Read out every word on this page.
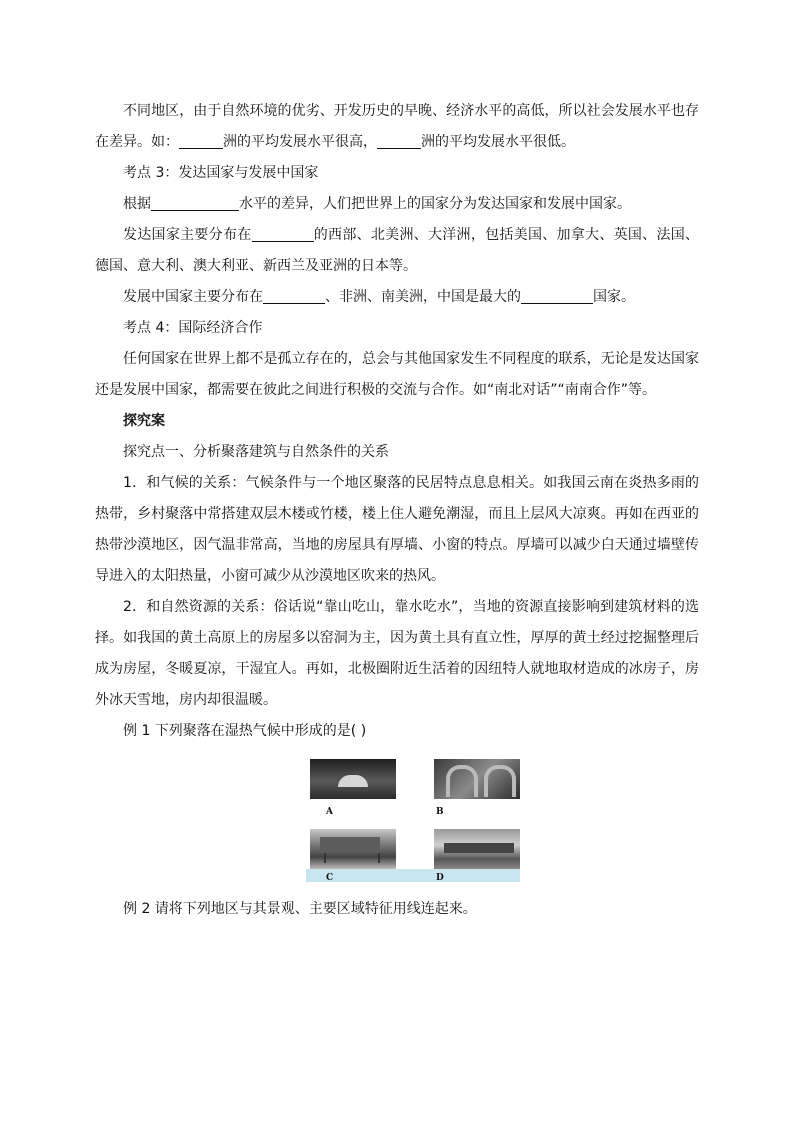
不同地区，由于自然环境的优劣、开发历史的早晚、经济水平的高低，所以社会发展水平也存在差异。如：	洲的平均发展水平很高，	洲的平均发展水平很低。

考点 3：发达国家与发展中国家

根据	水平的差异，人们把世界上的国家分为发达国家和发展中国家。

发达国家主要分布在	的西部、北美洲、大洋洲，包括美国、加拿大、英国、法国、德国、意大利、澳大利亚、新西兰及亚洲的日本等。

发展中国家主要分布在	、非洲、南美洲，中国是最大的	国家。

考点 4：国际经济合作

任何国家在世界上都不是孤立存在的，总会与其他国家发生不同程度的联系，无论是发达国家还是发展中国家，都需要在彼此之间进行积极的交流与合作。如“南北对话”“南南合作”等。

探究案

探究点一、分析聚落建筑与自然条件的关系

1．和气候的关系：气候条件与一个地区聚落的民居特点息息相关。如我国云南在炎热多雨的热带，乡村聚落中常搭建双层木楼或竹楼，楼上住人避免潮湿，而且上层风大凉爽。再如在西亚的热带沙漠地区，因气温非常高，当地的房屋具有厚墙、小窗的特点。厚墙可以减少白天通过墙壁传导进入的太阳热量，小窗可减少从沙漠地区吹来的热风。

2．和自然资源的关系：俗话说“靠山吃山，靠水吃水”，当地的资源直接影响到建筑材料的选择。如我国的黄土高原上的房屋多以窑洞为主，因为黄土具有直立性，厚厚的黄土经过挖掘整理后成为房屋，冬暖夏凉，干湿宜人。再如，北极圈附近生活着的因纽特人就地取材造成的冰房子，房外冰天雪地，房内却很温暖。

例 1 下列聚落在湿热气候中形成的是( )

A	B
C	D

例 2 请将下列地区与其景观、主要区域特征用线连起来。
